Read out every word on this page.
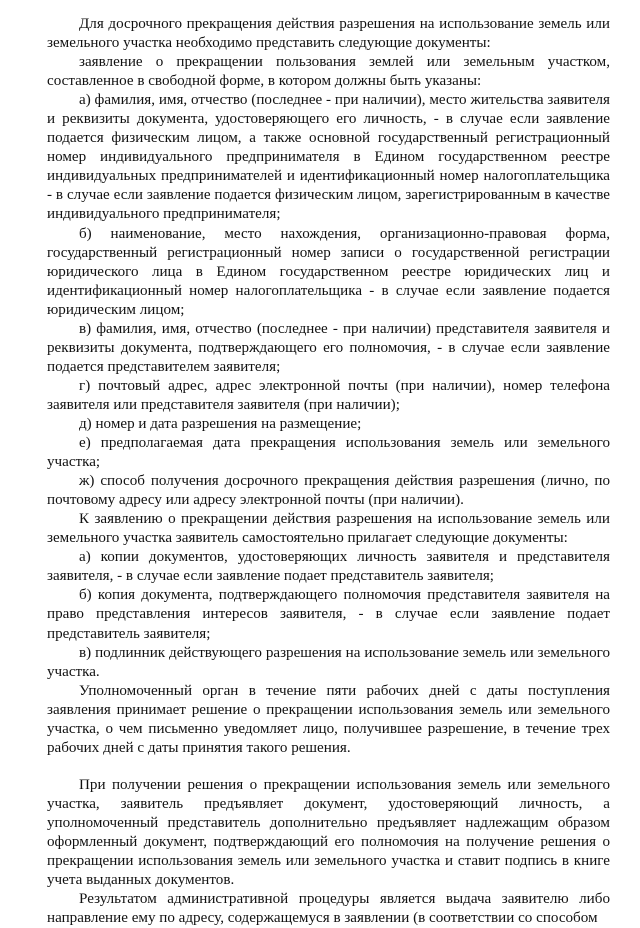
Для досрочного прекращения действия разрешения на использование земель или земельного участка необходимо представить следующие документы:

заявление о прекращении пользования землей или земельным участком, составленное в свободной форме, в котором должны быть указаны:

а) фамилия, имя, отчество (последнее - при наличии), место жительства заявителя и реквизиты документа, удостоверяющего его личность, - в случае если заявление подается физическим лицом, а также основной государственный регистрационный номер индивидуального предпринимателя в Едином государственном реестре индивидуальных предпринимателей и идентификационный номер налогоплательщика - в случае если заявление подается физическим лицом, зарегистрированным в качестве индивидуального предпринимателя;

б) наименование, место нахождения, организационно-правовая форма, государственный регистрационный номер записи о государственной регистрации юридического лица в Едином государственном реестре юридических лиц и идентификационный номер налогоплательщика - в случае если заявление подается юридическим лицом;

в) фамилия, имя, отчество (последнее - при наличии) представителя заявителя и реквизиты документа, подтверждающего его полномочия, - в случае если заявление подается представителем заявителя;

г) почтовый адрес, адрес электронной почты (при наличии), номер телефона заявителя или представителя заявителя (при наличии);

д) номер и дата разрешения на размещение;

е) предполагаемая дата прекращения использования земель или земельного участка;

ж) способ получения досрочного прекращения действия разрешения (лично, по почтовому адресу или адресу электронной почты (при наличии).

К заявлению о прекращении действия разрешения на использование земель или земельного участка заявитель самостоятельно прилагает следующие документы:

а) копии документов, удостоверяющих личность заявителя и представителя заявителя, - в случае если заявление подает представитель заявителя;

б) копия документа, подтверждающего полномочия представителя заявителя на право представления интересов заявителя, - в случае если заявление подает представитель заявителя;

в) подлинник действующего разрешения на использование земель или земельного участка.

Уполномоченный орган в течение пяти рабочих дней с даты поступления заявления принимает решение о прекращении использования земель или земельного участка, о чем письменно уведомляет лицо, получившее разрешение, в течение трех рабочих дней с даты принятия такого решения.

При получении решения о прекращении использования земель или земельного участка, заявитель предъявляет документ, удостоверяющий личность, а уполномоченный представитель дополнительно предъявляет надлежащим образом оформленный документ, подтверждающий его полномочия на получение решения о прекращении использования земель или земельного участка и ставит подпись в книге учета выданных документов.

Результатом административной процедуры является выдача заявителю либо направление ему по адресу, содержащемуся в заявлении (в соответствии со способом
